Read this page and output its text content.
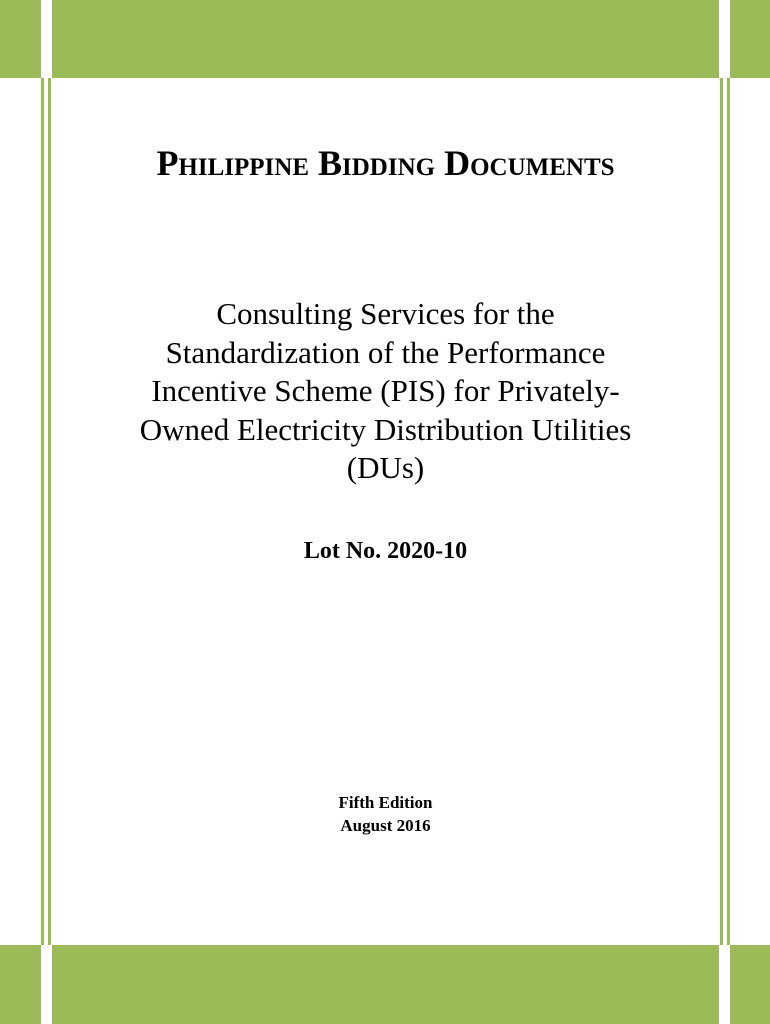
Philippine Bidding Documents
Consulting Services for the
Standardization of the Performance
Incentive Scheme (PIS) for Privately-
Owned Electricity Distribution Utilities
(DUs)
Lot No. 2020-10
Fifth Edition
August 2016
